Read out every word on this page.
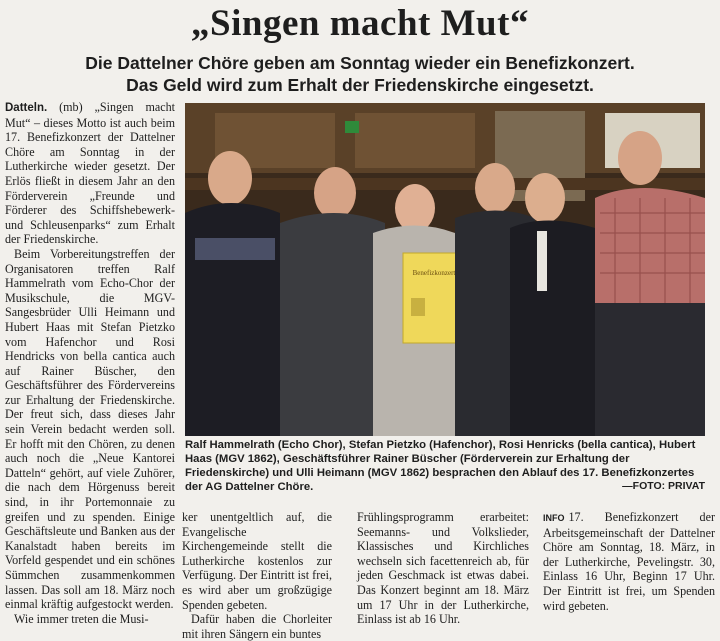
„Singen macht Mut“
Die Dattelner Chöre geben am Sonntag wieder ein Benefizkonzert.
Das Geld wird zum Erhalt der Friedenskirche eingesetzt.

Datteln. (mb) „Singen macht Mut“ – dieses Motto ist auch beim 17. Benefizkonzert der Dattelner Chöre am Sonntag in der Lutherkirche wieder gesetzt. Der Erlös fließt in diesem Jahr an den Förderverein „Freunde und Förderer des Schiffshebewerk- und Schleusenparks“ zum Erhalt der Friedenskirche.

Beim Vorbereitungstreffen der Organisatoren treffen Ralf Hammelrath vom Echo-Chor der Musikschule, die MGV-Sangesbrüder Ulli Heimann und Hubert Haas mit Stefan Pietzko vom Hafenchor und Rosi Hendricks von bella cantica auch auf Rainer Büscher, den Geschäftsführer des Fördervereins zur Erhaltung der Friedenskirche. Der freut sich, dass dieses Jahr sein Verein bedacht werden soll. Er hofft mit den Chören, zu denen auch noch die „Neue Kantorei Datteln“ gehört, auf viele Zuhörer, die nach dem Hörgenuss bereit sind, in ihr Portemonnaie zu greifen und zu spenden. Einige Geschäftsleute und Banken aus der Kanalstadt haben bereits im Vorfeld gespendet und ein schönes Sümmchen zusammenkommen lassen. Das soll am 18. März noch einmal kräftig aufgestockt werden.

Wie immer treten die Musi-

Benefizkonzert
Ralf Hammelrath (Echo Chor), Stefan Pietzko (Hafenchor), Rosi Henricks (bella cantica), Hubert Haas (MGV 1862), Geschäftsführer Rainer Büscher (Förderverein zur Erhaltung der Friedenskirche) und Ulli Heimann (MGV 1862) besprachen den Ablauf des 17. Benefizkonzertes der AG Dattelner Chöre.	—FOTO: PRIVAT

ker unentgeltlich auf, die Evangelische Kirchengemeinde stellt die Lutherkirche kostenlos zur Verfügung. Der Eintritt ist frei, es wird aber um großzügige Spenden gebeten.

Dafür haben die Chorleiter mit ihren Sängern ein buntes

Frühlingsprogramm erarbeitet: Seemanns- und Volkslieder, Klassisches und Kirchliches wechseln sich facettenreich ab, für jeden Geschmack ist etwas dabei. Das Konzert beginnt am 18. März um 17 Uhr in der Lutherkirche, Einlass ist ab 16 Uhr.

INFO 17. Benefizkonzert der Arbeitsgemeinschaft der Dattelner Chöre am Sonntag, 18. März, in der Lutherkirche, Pevelingstr. 30, Einlass 16 Uhr, Beginn 17 Uhr. Der Eintritt ist frei, um Spenden wird gebeten.
